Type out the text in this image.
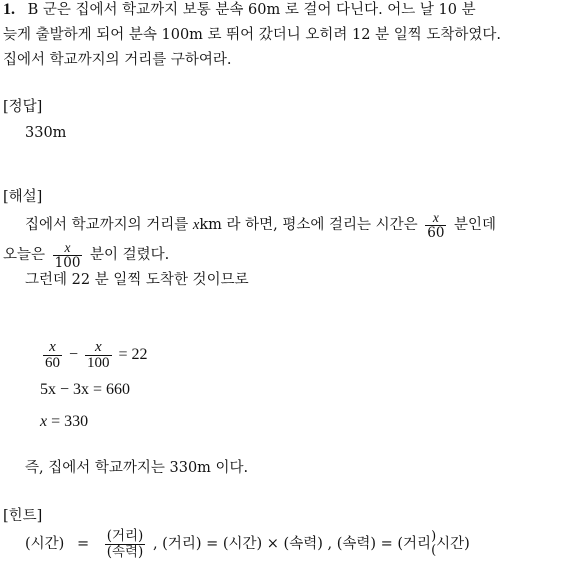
1. B 군은 집에서 학교까지 보통 분속 60m 로 걸어 다닌다. 어느 날 10 분
늦게 출발하게 되어 분속 100m 로 뛰어 갔더니 오히려 12 분 일찍 도착하였다.
집에서 학교까지의 거리를 구하여라.
[정답]
330m
[해설]
집에서 학교까지의 거리를 xkm 라 하면, 평소에 걸리는 시간은 $\frac{x}{60}$ 분인데
오늘은 $\frac{x}{100}$ 분이 걸렸다.
그런데 22 분 일찍 도착한 것이므로
$\frac{x}{60} - \frac{x}{100} = 22$
5x − 3x = 660
x = 330
즉, 집에서 학교까지는 330m 이다.
[힌트]
(시간) = $\frac{\text{(거리)}}{\text{(속력)}}$ , (거리) = (시간) × (속력) , (속력) = (거리 )
( 시간)
